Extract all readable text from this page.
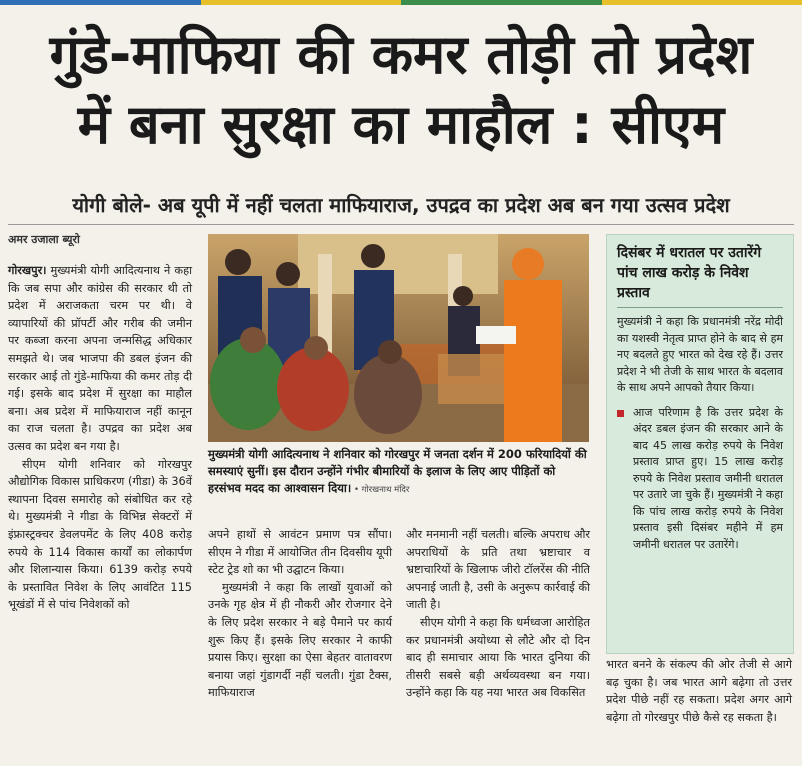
गुंडे-माफिया की कमर तोड़ी तो प्रदेश
में बना सुरक्षा का माहौल : सीएम
योगी बोले- अब यूपी में नहीं चलता माफियाराज, उपद्रव का प्रदेश अब बन गया उत्सव प्रदेश
अमर उजाला ब्यूरो

गोरखपुर। मुख्यमंत्री योगी आदित्यनाथ ने कहा कि जब सपा और कांग्रेस की सरकार थी तो प्रदेश में अराजकता चरम पर थी। वे व्यापारियों की प्रॉपर्टी और गरीब की जमीन पर कब्जा करना अपना जन्मसिद्ध अधिकार समझते थे। जब भाजपा की डबल इंजन की सरकार आई तो गुंडे-माफिया की कमर तोड़ दी गई। इसके बाद प्रदेश में सुरक्षा का माहौल बना। अब प्रदेश में माफियाराज नहीं कानून का राज चलता है। उपद्रव का प्रदेश अब उत्सव का प्रदेश बन गया है।

सीएम योगी शनिवार को गोरखपुर औद्योगिक विकास प्राधिकरण (गीडा) के 36वें स्थापना दिवस समारोह को संबोधित कर रहे थे। मुख्यमंत्री ने गीडा के विभिन्न सेक्टरों में इंफ्रास्ट्रक्चर डेवलपमेंट के लिए 408 करोड़ रुपये के 114 विकास कार्यों का लोकार्पण और शिलान्यास किया। 6139 करोड़ रुपये के प्रस्तावित निवेश के लिए आवंटित 115 भूखंडों में से पांच निवेशकों को

मुख्यमंत्री योगी आदित्यनाथ ने शनिवार को गोरखपुर में जनता दर्शन में 200 फरियादियों की समस्याएं सुनीं। इस दौरान उन्होंने गंभीर बीमारियों के इलाज के लिए आए पीड़ितों को हरसंभव मदद का आश्वासन दिया। • गोरखनाथ मंदिर

अपने हाथों से आवंटन प्रमाण पत्र सौंपा। सीएम ने गीडा में आयोजित तीन दिवसीय यूपी स्टेट ट्रेड शो का भी उद्घाटन किया।

मुख्यमंत्री ने कहा कि लाखों युवाओं को उनके गृह क्षेत्र में ही नौकरी और रोजगार देने के लिए प्रदेश सरकार ने बड़े पैमाने पर कार्य शुरू किए हैं। इसके लिए सरकार ने काफी प्रयास किए। सुरक्षा का ऐसा बेहतर वातावरण बनाया जहां गुंडागर्दी नहीं चलती। गुंडा टैक्स, माफियाराज

और मनमानी नहीं चलती। बल्कि अपराध और अपराधियों के प्रति तथा भ्रष्टाचार व भ्रष्टाचारियों के खिलाफ जीरो टॉलरेंस की नीति अपनाई जाती है, उसी के अनुरूप कार्रवाई की जाती है।

सीएम योगी ने कहा कि धर्मध्वजा आरोहित कर प्रधानमंत्री अयोध्या से लौटे और दो दिन बाद ही समाचार आया कि भारत दुनिया की तीसरी सबसे बड़ी अर्थव्यवस्था बन गया। उन्होंने कहा कि यह नया भारत अब विकसित

दिसंबर में धरातल पर उतारेंगे पांच लाख करोड़ के निवेश प्रस्ताव
मुख्यमंत्री ने कहा कि प्रधानमंत्री नरेंद्र मोदी का यशस्वी नेतृत्व प्राप्त होने के बाद से हम नए बदलते हुए भारत को देख रहे हैं। उत्तर प्रदेश ने भी तेजी के साथ भारत के बदलाव के साथ अपने आपको तैयार किया।
आज परिणाम है कि उत्तर प्रदेश के अंदर डबल इंजन की सरकार आने के बाद 45 लाख करोड़ रुपये के निवेश प्रस्ताव प्राप्त हुए। 15 लाख करोड़ रुपये के निवेश प्रस्ताव जमीनी धरातल पर उतारे जा चुके हैं। मुख्यमंत्री ने कहा कि पांच लाख करोड़ रुपये के निवेश प्रस्ताव इसी दिसंबर महीने में हम जमीनी धरातल पर उतारेंगे।
भारत बनने के संकल्प की ओर तेजी से आगे बढ़ चुका है। जब भारत आगे बढ़ेगा तो उत्तर प्रदेश पीछे नहीं रह सकता। प्रदेश अगर आगे बढ़ेगा तो गोरखपुर पीछे कैसे रह सकता है।
